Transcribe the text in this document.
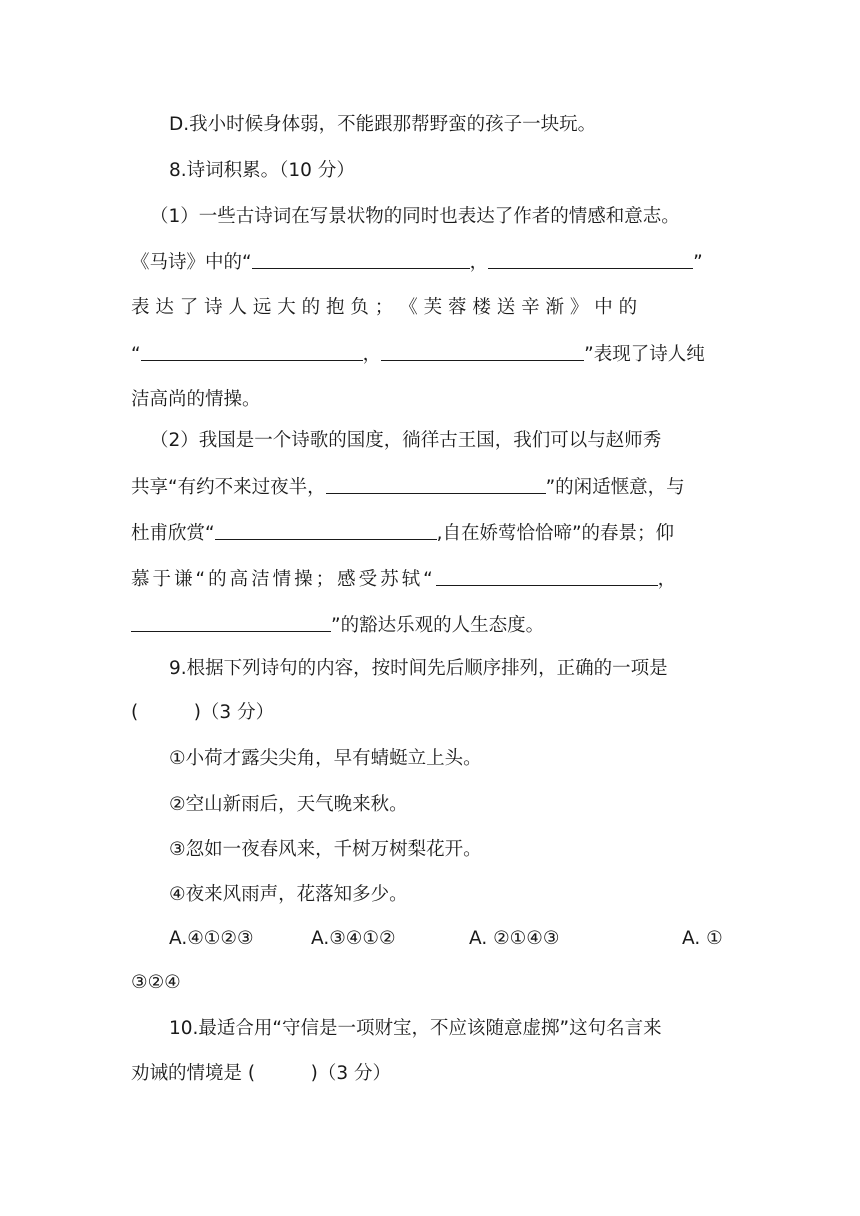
D.我小时候身体弱，不能跟那帮野蛮的孩子一块玩。
8.诗词积累。（10 分）
（1）一些古诗词在写景状物的同时也表达了作者的情感和意志。
《马诗》中的“	，	”
表 达 了 诗 人 远 大 的 抱 负 ； 《 芙 蓉 楼 送 辛 渐 》 中 的
“	，	”表现了诗人纯
洁高尚的情操。
（2）我国是一个诗歌的国度，徜徉古王国，我们可以与赵师秀
共享“有约不来过夜半，	”的闲适惬意，与
杜甫欣赏“	,自在娇莺恰恰啼”的春景；仰
慕于谦“的高洁情操；感受苏轼“	，
”的豁达乐观的人生态度。
9.根据下列诗句的内容，按时间先后顺序排列，正确的一项是
(　　　)（3 分）
①小荷才露尖尖角，早有蜻蜓立上头。
②空山新雨后，天气晚来秋。
③忽如一夜春风来，千树万树梨花开。
④夜来风雨声，花落知多少。
A.④①②③	A.③④①②	A. ②①④③	A. ①
③②④
10.最适合用“守信是一项财宝，不应该随意虚掷”这句名言来
劝诫的情境是 (　　　)（3 分）
